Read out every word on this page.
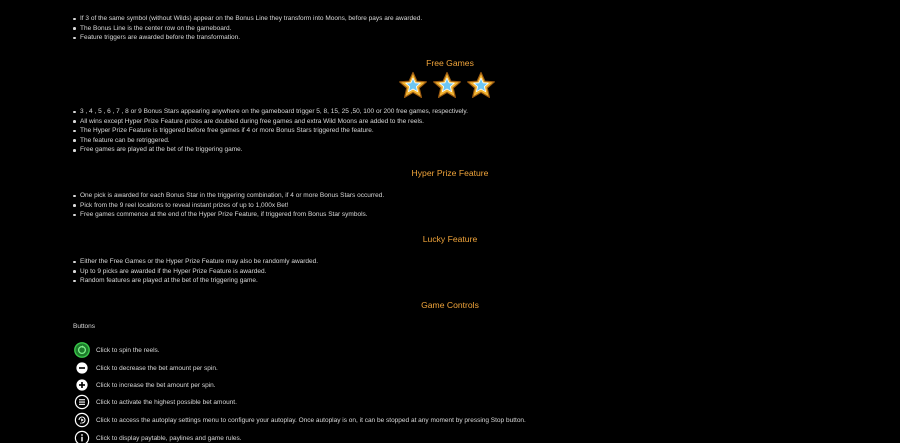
If 3 of the same symbol (without Wilds) appear on the Bonus Line they transform into Moons, before pays are awarded.
The Bonus Line is the center row on the gameboard.
Feature triggers are awarded before the transformation.
Free Games
3 , 4 , 5 , 6 , 7 , 8 or 9 Bonus Stars appearing anywhere on the gameboard trigger 5, 8, 15, 25 ,50, 100 or 200 free games, respectively.
All wins except Hyper Prize Feature prizes are doubled during free games and extra Wild Moons are added to the reels.
The Hyper Prize Feature is triggered before free games if 4 or more Bonus Stars triggered the feature.
The feature can be retriggered.
Free games are played at the bet of the triggering game.
Hyper Prize Feature
One pick is awarded for each Bonus Star in the triggering combination, if 4 or more Bonus Stars occurred.
Pick from the 9 reel locations to reveal instant prizes of up to 1,000x Bet!
Free games commence at the end of the Hyper Prize Feature, if triggered from Bonus Star symbols.
Lucky Feature
Either the Free Games or the Hyper Prize Feature may also be randomly awarded.
Up to 9 picks are awarded if the Hyper Prize Feature is awarded.
Random features are played at the bet of the triggering game.
Game Controls
Buttons
Click to spin the reels.
Click to decrease the bet amount per spin.
Click to increase the bet amount per spin.
Click to activate the highest possible bet amount.
Click to access the autoplay settings menu to configure your autoplay. Once autoplay is on, it can be stopped at any moment by pressing Stop button.
Click to display paytable, paylines and game rules.
